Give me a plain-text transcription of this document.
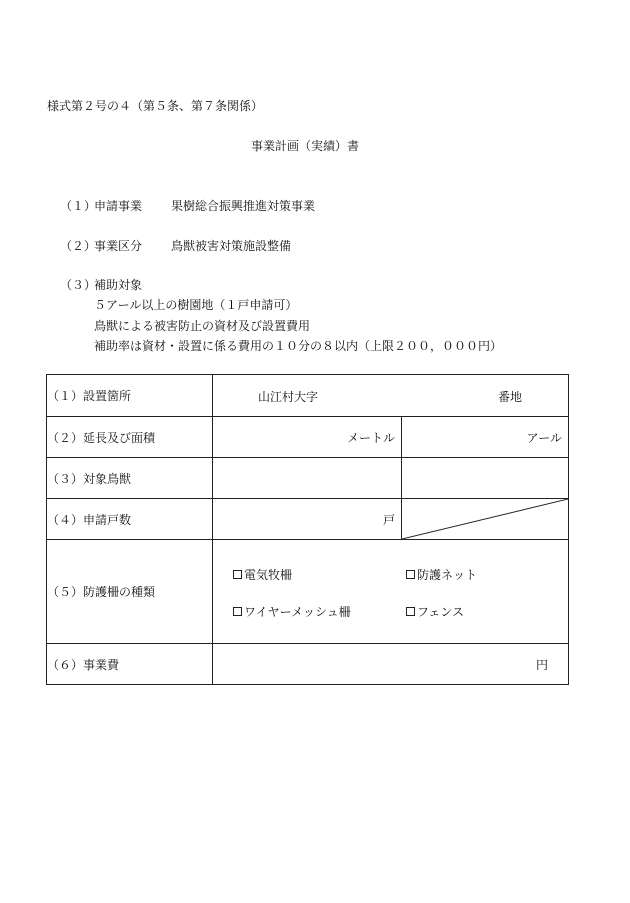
様式第２号の４（第５条、第７条関係）
事業計画（実績）書
（１）
申請事業 果樹総合振興推進対策事業
（２）
事業区分 鳥獣被害対策施設整備
（３）
補助対象
５アール以上の樹園地（１戸申請可）
鳥獣による被害防止の資材及び設置費用
補助率は資材・設置に係る費用の１０分の８以内（上限２００，０００円）
（１）設置箇所	山江村大字 番地	

（２）延長及び面積	メートル	アール
（３）対象鳥獣		
（４）申請戸数	戸	

（５）防護柵の種類	電気牧柵 防護ネット
ワイヤーメッシュ柵 フェンス	

（６）事業費	円	
